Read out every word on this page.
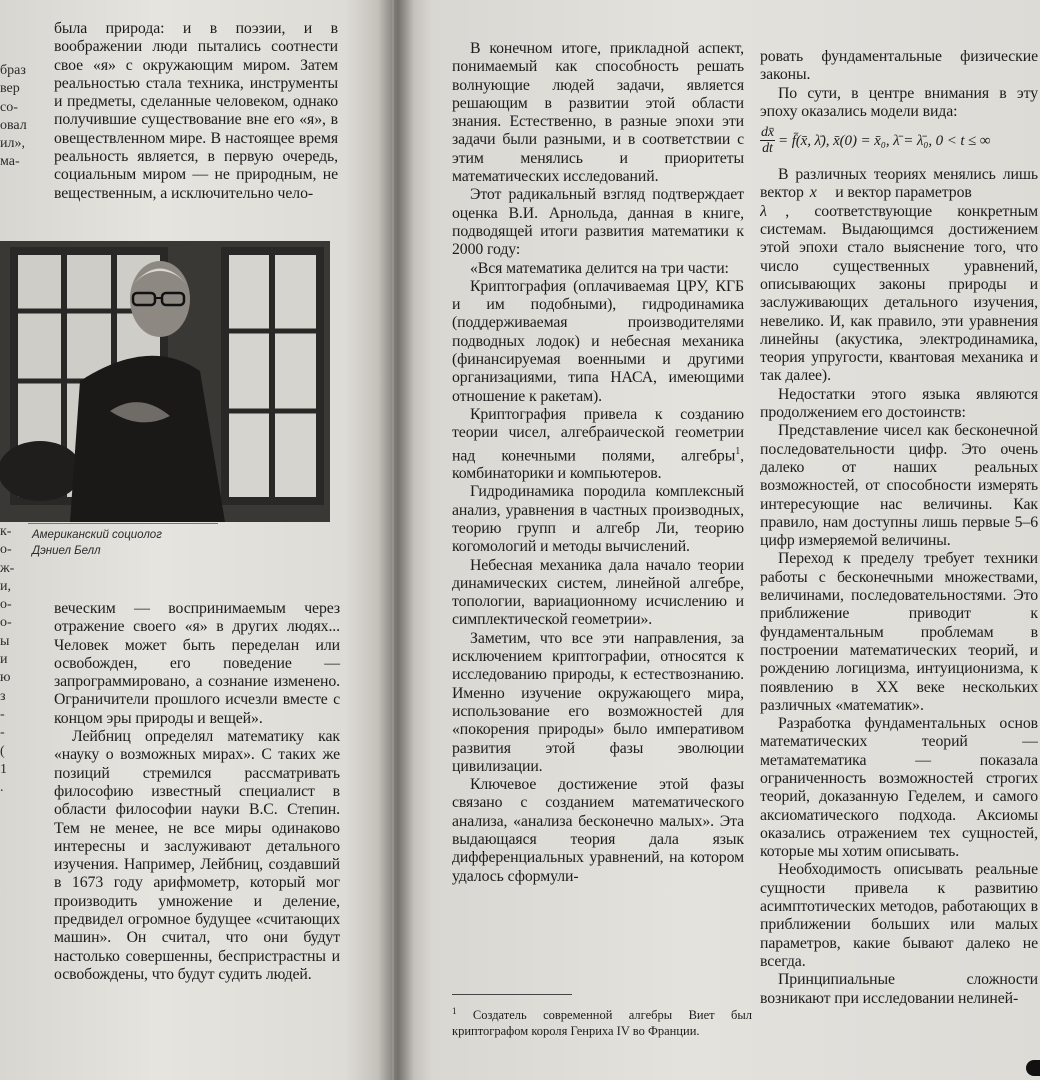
браз
вер
со-
овал
ил»,
ма-

была природа: и в поэзии, и в воображении люди пытались соотнести свое «я» с окружающим миром. Затем реальностью стала техника, инструменты и предметы, сделанные человеком, однако получившие существование вне его «я», в овеществленном мире. В настоящее время реальность является, в первую очередь, социальным миром — не природным, не вещественным, а исключительно чело-

Американский социолог
Дэниел Белл
к-
о-
ж-
и,
о-
о-
ы
и
ю
з
-
-
(
1
.

веческим — воспринимаемым через отражение своего «я» в других людях... Человек может быть переделан или освобожден, его поведение — запрограммировано, а сознание изменено. Ограничители прошлого исчезли вместе с концом эры природы и вещей».

Лейбниц определял математику как «науку о возможных мирах». С таких же позиций стремился рассматривать философию известный специалист в области философии науки В.С. Степин. Тем не менее, не все миры одинаково интересны и заслуживают детального изучения. Например, Лейбниц, создавший в 1673 году арифмометр, который мог производить умножение и деление, предвидел огромное будущее «считающих машин». Он считал, что они будут настолько совершенны, беспристрастны и освобождены, что будут судить людей.

В конечном итоге, прикладной аспект, понимаемый как способность решать волнующие людей задачи, является решающим в развитии этой области знания. Естественно, в разные эпохи эти задачи были разными, и в соответствии с этим менялись и приоритеты математических исследований.

Этот радикальный взгляд подтверждает оценка В.И. Арнольда, данная в книге, подводящей итоги развития математики к 2000 году:

«Вся математика делится на три части:

Криптография (оплачиваемая ЦРУ, КГБ и им подобными), гидродинамика (поддерживаемая производителями подводных лодок) и небесная механика (финансируемая военными и другими организациями, типа НАСА, имеющими отношение к ракетам).

Криптография привела к созданию теории чисел, алгебраической геометрии над конечными полями, алгебры$^1$, комбинаторики и компьютеров.

Гидродинамика породила комплексный анализ, уравнения в частных производных, теорию групп и алгебр Ли, теорию когомологий и методы вычислений.

Небесная механика дала начало теории динамических систем, линейной алгебре, топологии, вариационному исчислению и симплектической геометрии».

Заметим, что все эти направления, за исключением криптографии, относятся к исследованию природы, к естествознанию. Именно изучение окружающего мира, использование его возможностей для «покорения природы» было императивом развития этой фазы эволюции цивилизации.

Ключевое достижение этой фазы связано с созданием математического анализа, «анализа бесконечно малых». Эта выдающаяся теория дала язык дифференциальных уравнений, на котором удалось сформули-

$^1$ Создатель современной алгебры Виет был криптографом короля Генриха IV во Франции.

ровать фундаментальные физические законы.

По сути, в центре внимания в эту эпоху оказались модели вида:

$\frac{dx̄}{dt}$ = f̄(x̄, λ̄), x̄(0) = x̄₀, λ̄ = λ̄₀, 0 < t ≤ ∞

В различных теориях менялись лишь вектор x⃗ и вектор параметров
λ⃗ , соответствующие конкретным системам. Выдающимся достижением этой эпохи стало выяснение того, что число существенных уравнений, описывающих законы природы и заслуживающих детального изучения, невелико. И, как правило, эти уравнения линейны (акустика, электродинамика, теория упругости, квантовая механика и так далее).

Недостатки этого языка являются продолжением его достоинств:

Представление чисел как бесконечной последовательности цифр. Это очень далеко от наших реальных возможностей, от способности измерять интересующие нас величины. Как правило, нам доступны лишь первые 5–6 цифр измеряемой величины.

Переход к пределу требует техники работы с бесконечными множествами, величинами, последовательностями. Это приближение приводит к фундаментальным проблемам в построении математических теорий, и рождению логицизма, интуиционизма, к появлению в XX веке нескольких различных «математик».

Разработка фундаментальных основ математических теорий — метаматематика — показала ограниченность возможностей строгих теорий, доказанную Геделем, и самого аксиоматического подхода. Аксиомы оказались отражением тех сущностей, которые мы хотим описывать.

Необходимость описывать реальные сущности привела к развитию асимптотических методов, работающих в приближении больших или малых параметров, какие бывают далеко не всегда.

Принципиальные сложности возникают при исследовании нелиней-
